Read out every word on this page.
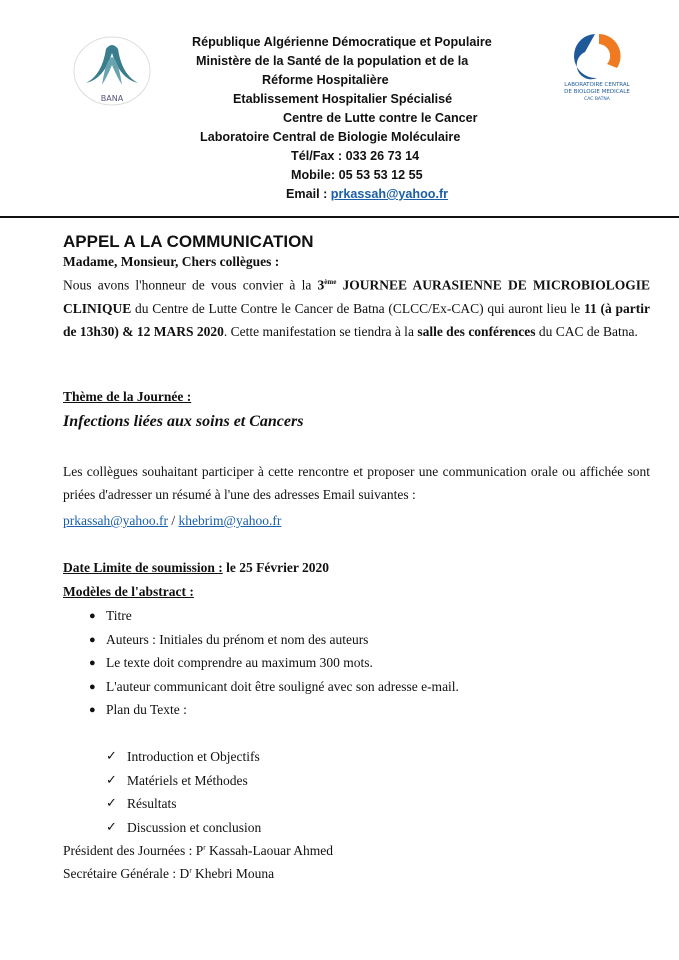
BANA
LABORATOIRE CENTRAL
DE BIOLOGIE MEDICALE
CAC BATNA
République Algérienne Démocratique et Populaire
Ministère de la Santé de la population et de la
Réforme Hospitalière
Etablissement Hospitalier Spécialisé
Centre de Lutte contre le Cancer
Laboratoire Central de Biologie Moléculaire
Tél/Fax : 033 26 73 14
Mobile: 05 53 53 12 55
Email : prkassah@yahoo.fr
APPEL A LA COMMUNICATION
Madame, Monsieur, Chers collègues :
Nous avons l'honneur de vous convier à la 3ème JOURNEE AURASIENNE DE MICROBIOLOGIE CLINIQUE du Centre de Lutte Contre le Cancer de Batna (CLCC/Ex-CAC) qui auront lieu le 11 (à partir de 13h30) & 12 MARS 2020. Cette manifestation se tiendra à la salle des conférences du CAC de Batna.
Thème de la Journée :
Infections liées aux soins et Cancers
Les collègues souhaitant participer à cette rencontre et proposer une communication orale ou affichée sont priées d'adresser un résumé à l'une des adresses Email suivantes :
prkassah@yahoo.fr / khebrim@yahoo.fr
Date Limite de soumission : le 25 Février 2020
Modèles de l'abstract :
● Titre
● Auteurs : Initiales du prénom et nom des auteurs
● Le texte doit comprendre au maximum 300 mots.
● L'auteur communicant doit être souligné avec son adresse e-mail.
● Plan du Texte :
✓ Introduction et Objectifs
✓ Matériels et Méthodes
✓ Résultats
✓ Discussion et conclusion
Président des Journées : $P^r$ Kassah-Laouar Ahmed
Secrétaire Générale : $D^r$ Khebri Mouna
